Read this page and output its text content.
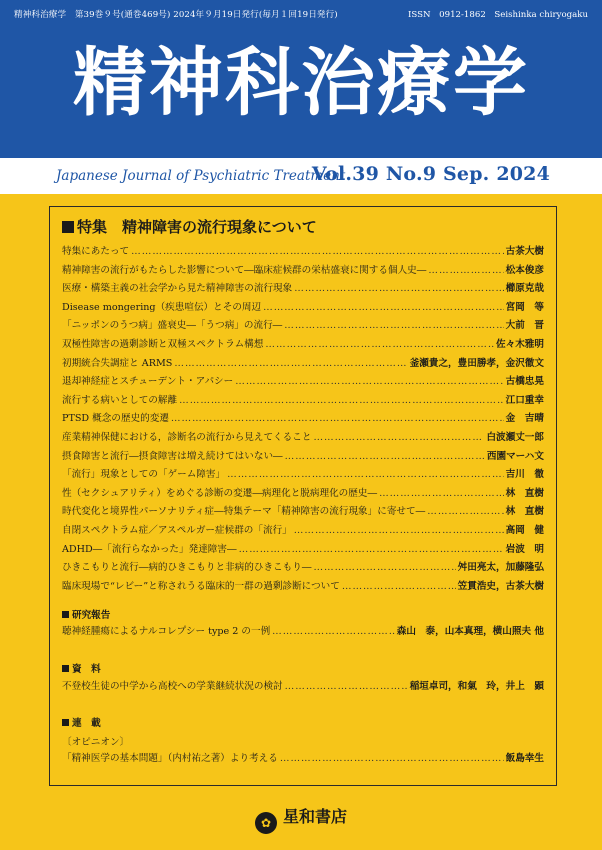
精神科治療学　第39巻９号(通巻469号) 2024年９月19日発行(毎月１回19日発行)	ISSN　0912-1862　Seishinka chiryogaku
精神科治療学
Japanese Journal of Psychiatric Treatment
Vol.39 No.9 Sep. 2024
特集　精神障害の流行現象について
特集にあたって ………………………………………………………………………………………………………………	古茶大樹
精神障害の流行がもたらした影響について―臨床症候群の栄枯盛衰に関する個人史― ………………………………………………………………………………………………………………	松本俊彦
医療・構築主義の社会学から見た精神障害の流行現象 ………………………………………………………………………………………………………………	櫛原克哉
Disease mongering（疾患喧伝）とその周辺 ………………………………………………………………………………………………………………	宮岡　等
「ニッポンのうつ病」盛衰史―「うつ病」の流行― ………………………………………………………………………………………………………………	大前　晋
双極性障害の過剰診断と双極スペクトラム構想 ………………………………………………………………………………………………………………	佐々木雅明
初期統合失調症と ARMS ………………………………………………………………………………………………………………	釜瀬貴之，豊田勝孝，金沢徹文
退却神経症とスチューデント・アパシー ………………………………………………………………………………………………………………	古橋忠晃
流行する病いとしての解離 ………………………………………………………………………………………………………………	江口重幸
PTSD 概念の歴史的変遷 ………………………………………………………………………………………………………………	金　吉晴
産業精神保健における，診断名の流行から見えてくること ………………………………………………………………………………………………………………	白波瀬丈一郎
摂食障害と流行―摂食障害は増え続けてはいない― ………………………………………………………………………………………………………………	西園マーハ文
「流行」現象としての「ゲーム障害」 ………………………………………………………………………………………………………………	吉川　徹
性（セクシュアリティ）をめぐる診断の変遷―病理化と脱病理化の歴史― ………………………………………………………………………………………………………………	林　直樹
時代変化と境界性パーソナリティ症―特集テーマ「精神障害の流行現象」に寄せて― ………………………………………………………………………………………………………………	林　直樹
自閉スペクトラム症／アスペルガー症候群の「流行」 ………………………………………………………………………………………………………………	高岡　健
ADHD―「流行らなかった」発達障害― ………………………………………………………………………………………………………………	岩波　明
ひきこもりと流行―病的ひきこもりと非病的ひきこもり― ………………………………………………………………………………………………………………	舛田亮太，加藤隆弘
臨床現場で“レビー”と称されうる臨床的一群の過剰診断について ………………………………………………………………………………………………………………	笠貫浩史，古茶大樹
研究報告
聴神経腫瘍によるナルコレプシー type 2 の一例 ………………………………………………………………………………………………………………	森山　泰，山本真理，横山照夫 他
資　料
不登校生徒の中学から高校への学業継続状況の検討 ………………………………………………………………………………………………………………	稲垣卓司，和氣　玲，井上　顕
連　載
〔オピニオン〕
「精神医学の基本問題」（内村祐之著）より考える ………………………………………………………………………………………………………………	飯島幸生
✿ 星和書店
